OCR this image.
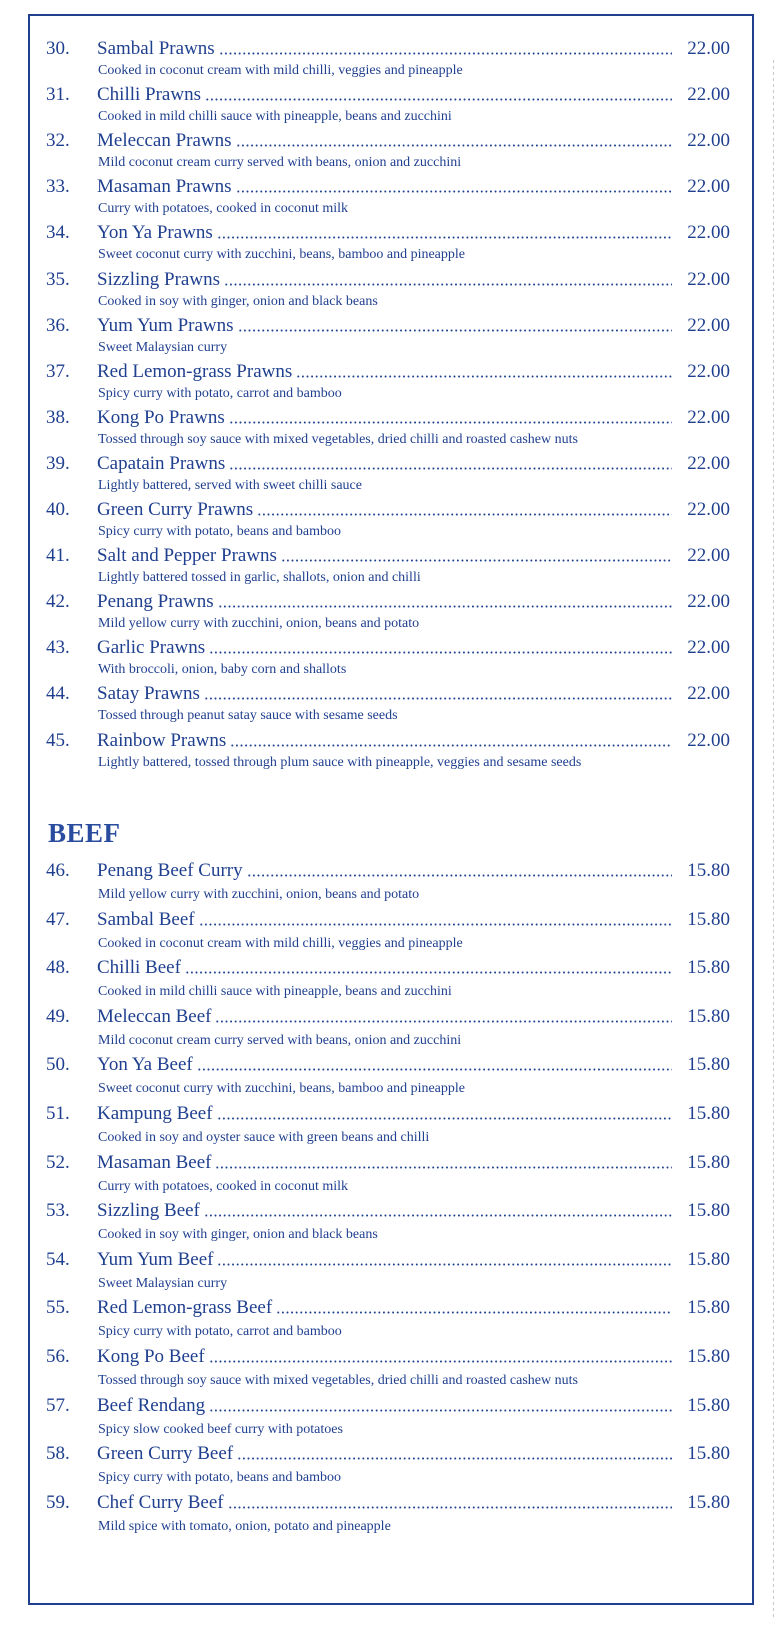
30.	Sambal Prawns	22.00
Cooked in coconut cream with mild chilli, veggies and pineapple
31.	Chilli Prawns	22.00
Cooked in mild chilli sauce with pineapple, beans and zucchini
32.	Meleccan Prawns	22.00
Mild coconut cream curry served with beans, onion and zucchini
33.	Masaman Prawns	22.00
Curry with potatoes, cooked in coconut milk
34.	Yon Ya Prawns	22.00
Sweet coconut curry with zucchini, beans, bamboo and pineapple
35.	Sizzling Prawns	22.00
Cooked in soy with ginger, onion and black beans
36.	Yum Yum Prawns	22.00
Sweet Malaysian curry
37.	Red Lemon-grass Prawns	22.00
Spicy curry with potato, carrot and bamboo
38.	Kong Po Prawns	22.00
Tossed through soy sauce with mixed vegetables, dried chilli and roasted cashew nuts
39.	Capatain Prawns	22.00
Lightly battered, served with sweet chilli sauce
40.	Green Curry Prawns	22.00
Spicy curry with potato, beans and bamboo
41.	Salt and Pepper Prawns	22.00
Lightly battered tossed in garlic, shallots, onion and chilli
42.	Penang Prawns	22.00
Mild yellow curry with zucchini, onion, beans and potato
43.	Garlic Prawns	22.00
With broccoli, onion, baby corn and shallots
44.	Satay Prawns	22.00
Tossed through peanut satay sauce with sesame seeds
45.	Rainbow Prawns	22.00
Lightly battered, tossed through plum sauce with pineapple, veggies and sesame seeds
BEEF
46.	Penang Beef Curry	15.80
Mild yellow curry with zucchini, onion, beans and potato
47.	Sambal Beef	15.80
Cooked in coconut cream with mild chilli, veggies and pineapple
48.	Chilli Beef	15.80
Cooked in mild chilli sauce with pineapple, beans and zucchini
49.	Meleccan Beef	15.80
Mild coconut cream curry served with beans, onion and zucchini
50.	Yon Ya Beef	15.80
Sweet coconut curry with zucchini, beans, bamboo and pineapple
51.	Kampung Beef	15.80
Cooked in soy and oyster sauce with green beans and chilli
52.	Masaman Beef	15.80
Curry with potatoes, cooked in coconut milk
53.	Sizzling Beef	15.80
Cooked in soy with ginger, onion and black beans
54.	Yum Yum Beef	15.80
Sweet Malaysian curry
55.	Red Lemon-grass Beef	15.80
Spicy curry with potato, carrot and bamboo
56.	Kong Po Beef	15.80
Tossed through soy sauce with mixed vegetables, dried chilli and roasted cashew nuts
57.	Beef Rendang	15.80
Spicy slow cooked beef curry with potatoes
58.	Green Curry Beef	15.80
Spicy curry with potato, beans and bamboo
59.	Chef Curry Beef	15.80
Mild spice with tomato, onion, potato and pineapple
